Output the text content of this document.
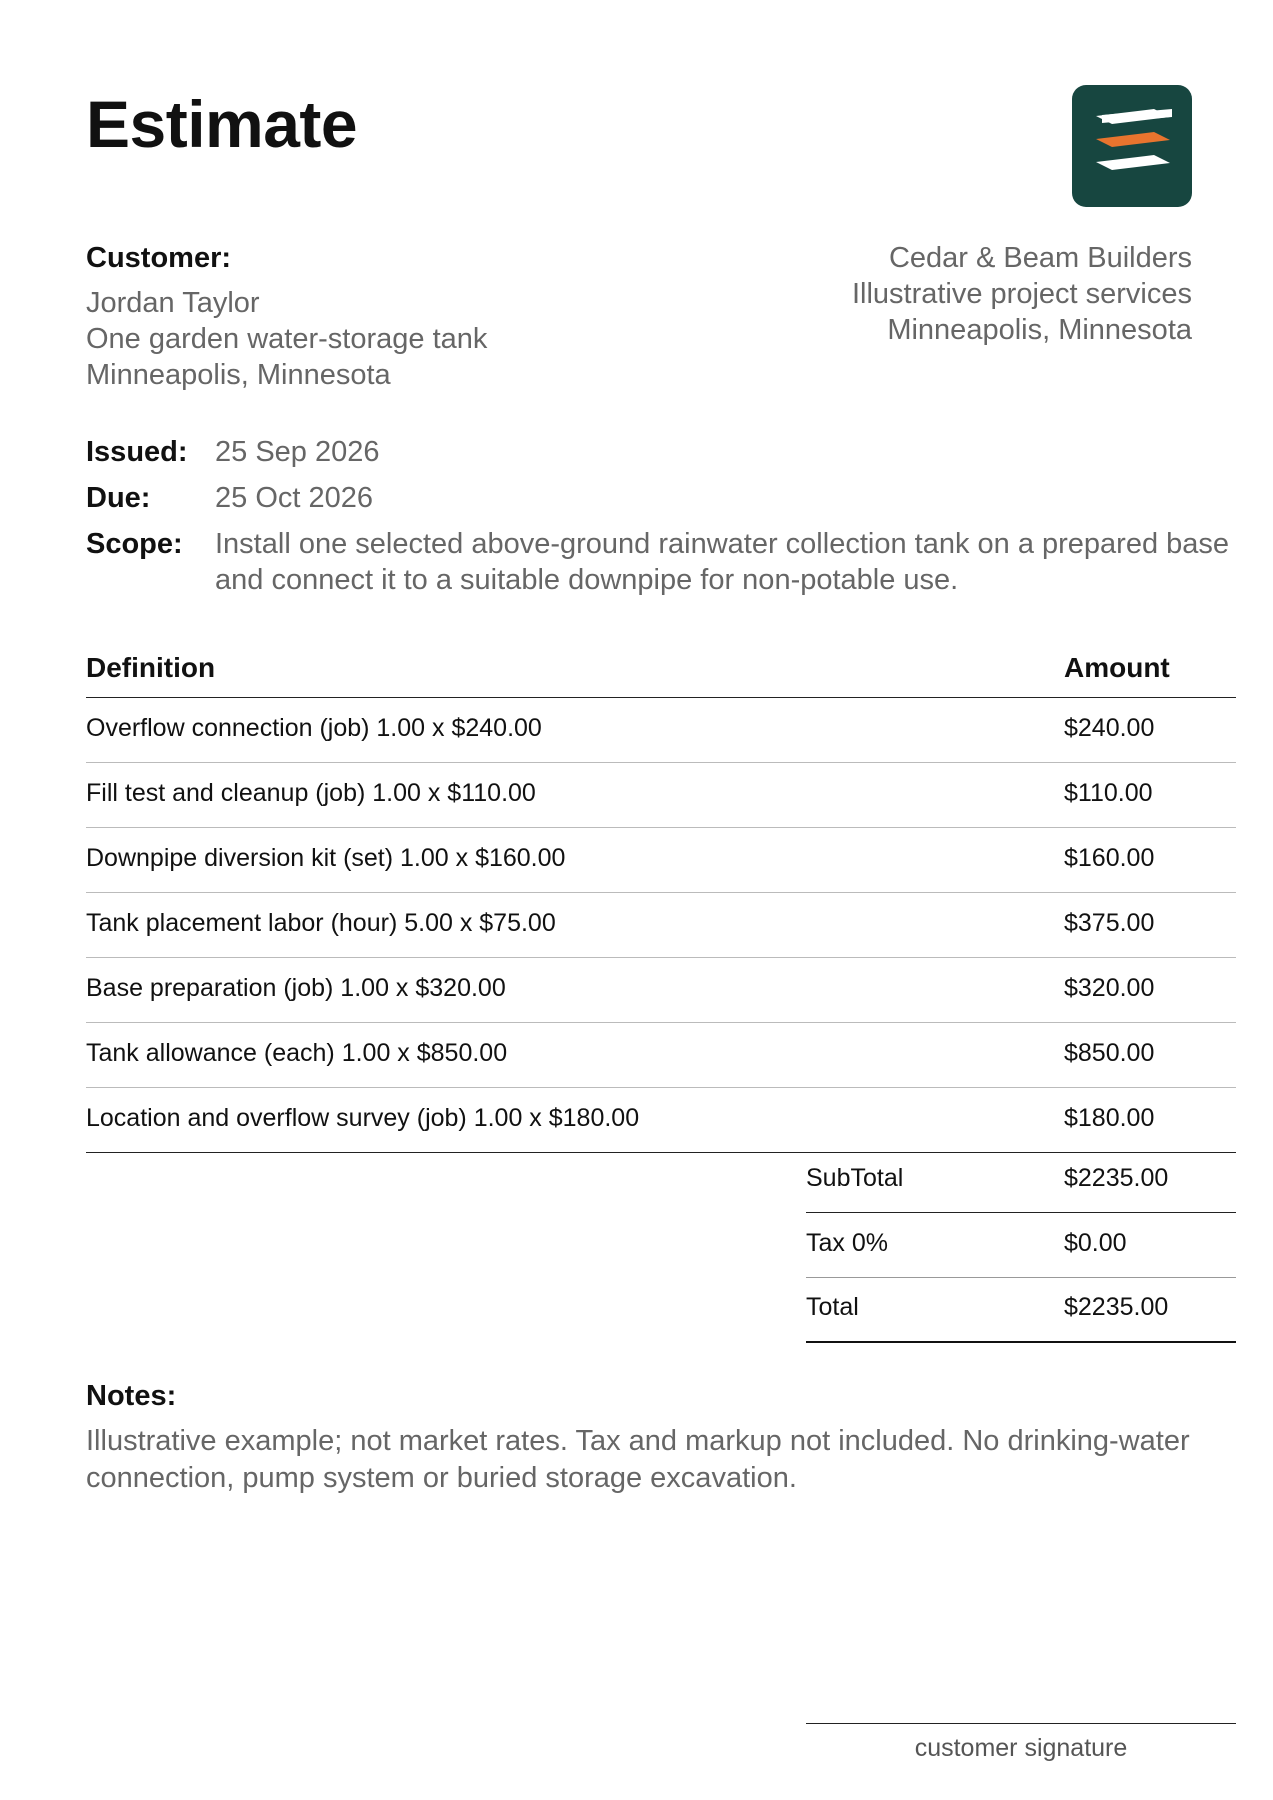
Estimate
Customer:
Jordan Taylor
One garden water-storage tank
Minneapolis, Minnesota
Cedar & Beam Builders
Illustrative project services
Minneapolis, Minnesota
Issued: 25 Sep 2026
Due:	25 Oct 2026
Scope:	Install one selected above-ground rainwater collection tank on a prepared base and connect it to a suitable downpipe for non-potable use.
Definition	Amount
Overflow connection (job) 1.00 x $240.00	$240.00
Fill test and cleanup (job) 1.00 x $110.00	$110.00
Downpipe diversion kit (set) 1.00 x $160.00	$160.00
Tank placement labor (hour) 5.00 x $75.00	$375.00
Base preparation (job) 1.00 x $320.00	$320.00
Tank allowance (each) 1.00 x $850.00	$850.00
Location and overflow survey (job) 1.00 x $180.00	$180.00
SubTotal	$2235.00
Tax 0%	$0.00
Total	$2235.00
Notes:
Illustrative example; not market rates. Tax and markup not included. No drinking-water connection, pump system or buried storage excavation.
customer signature
